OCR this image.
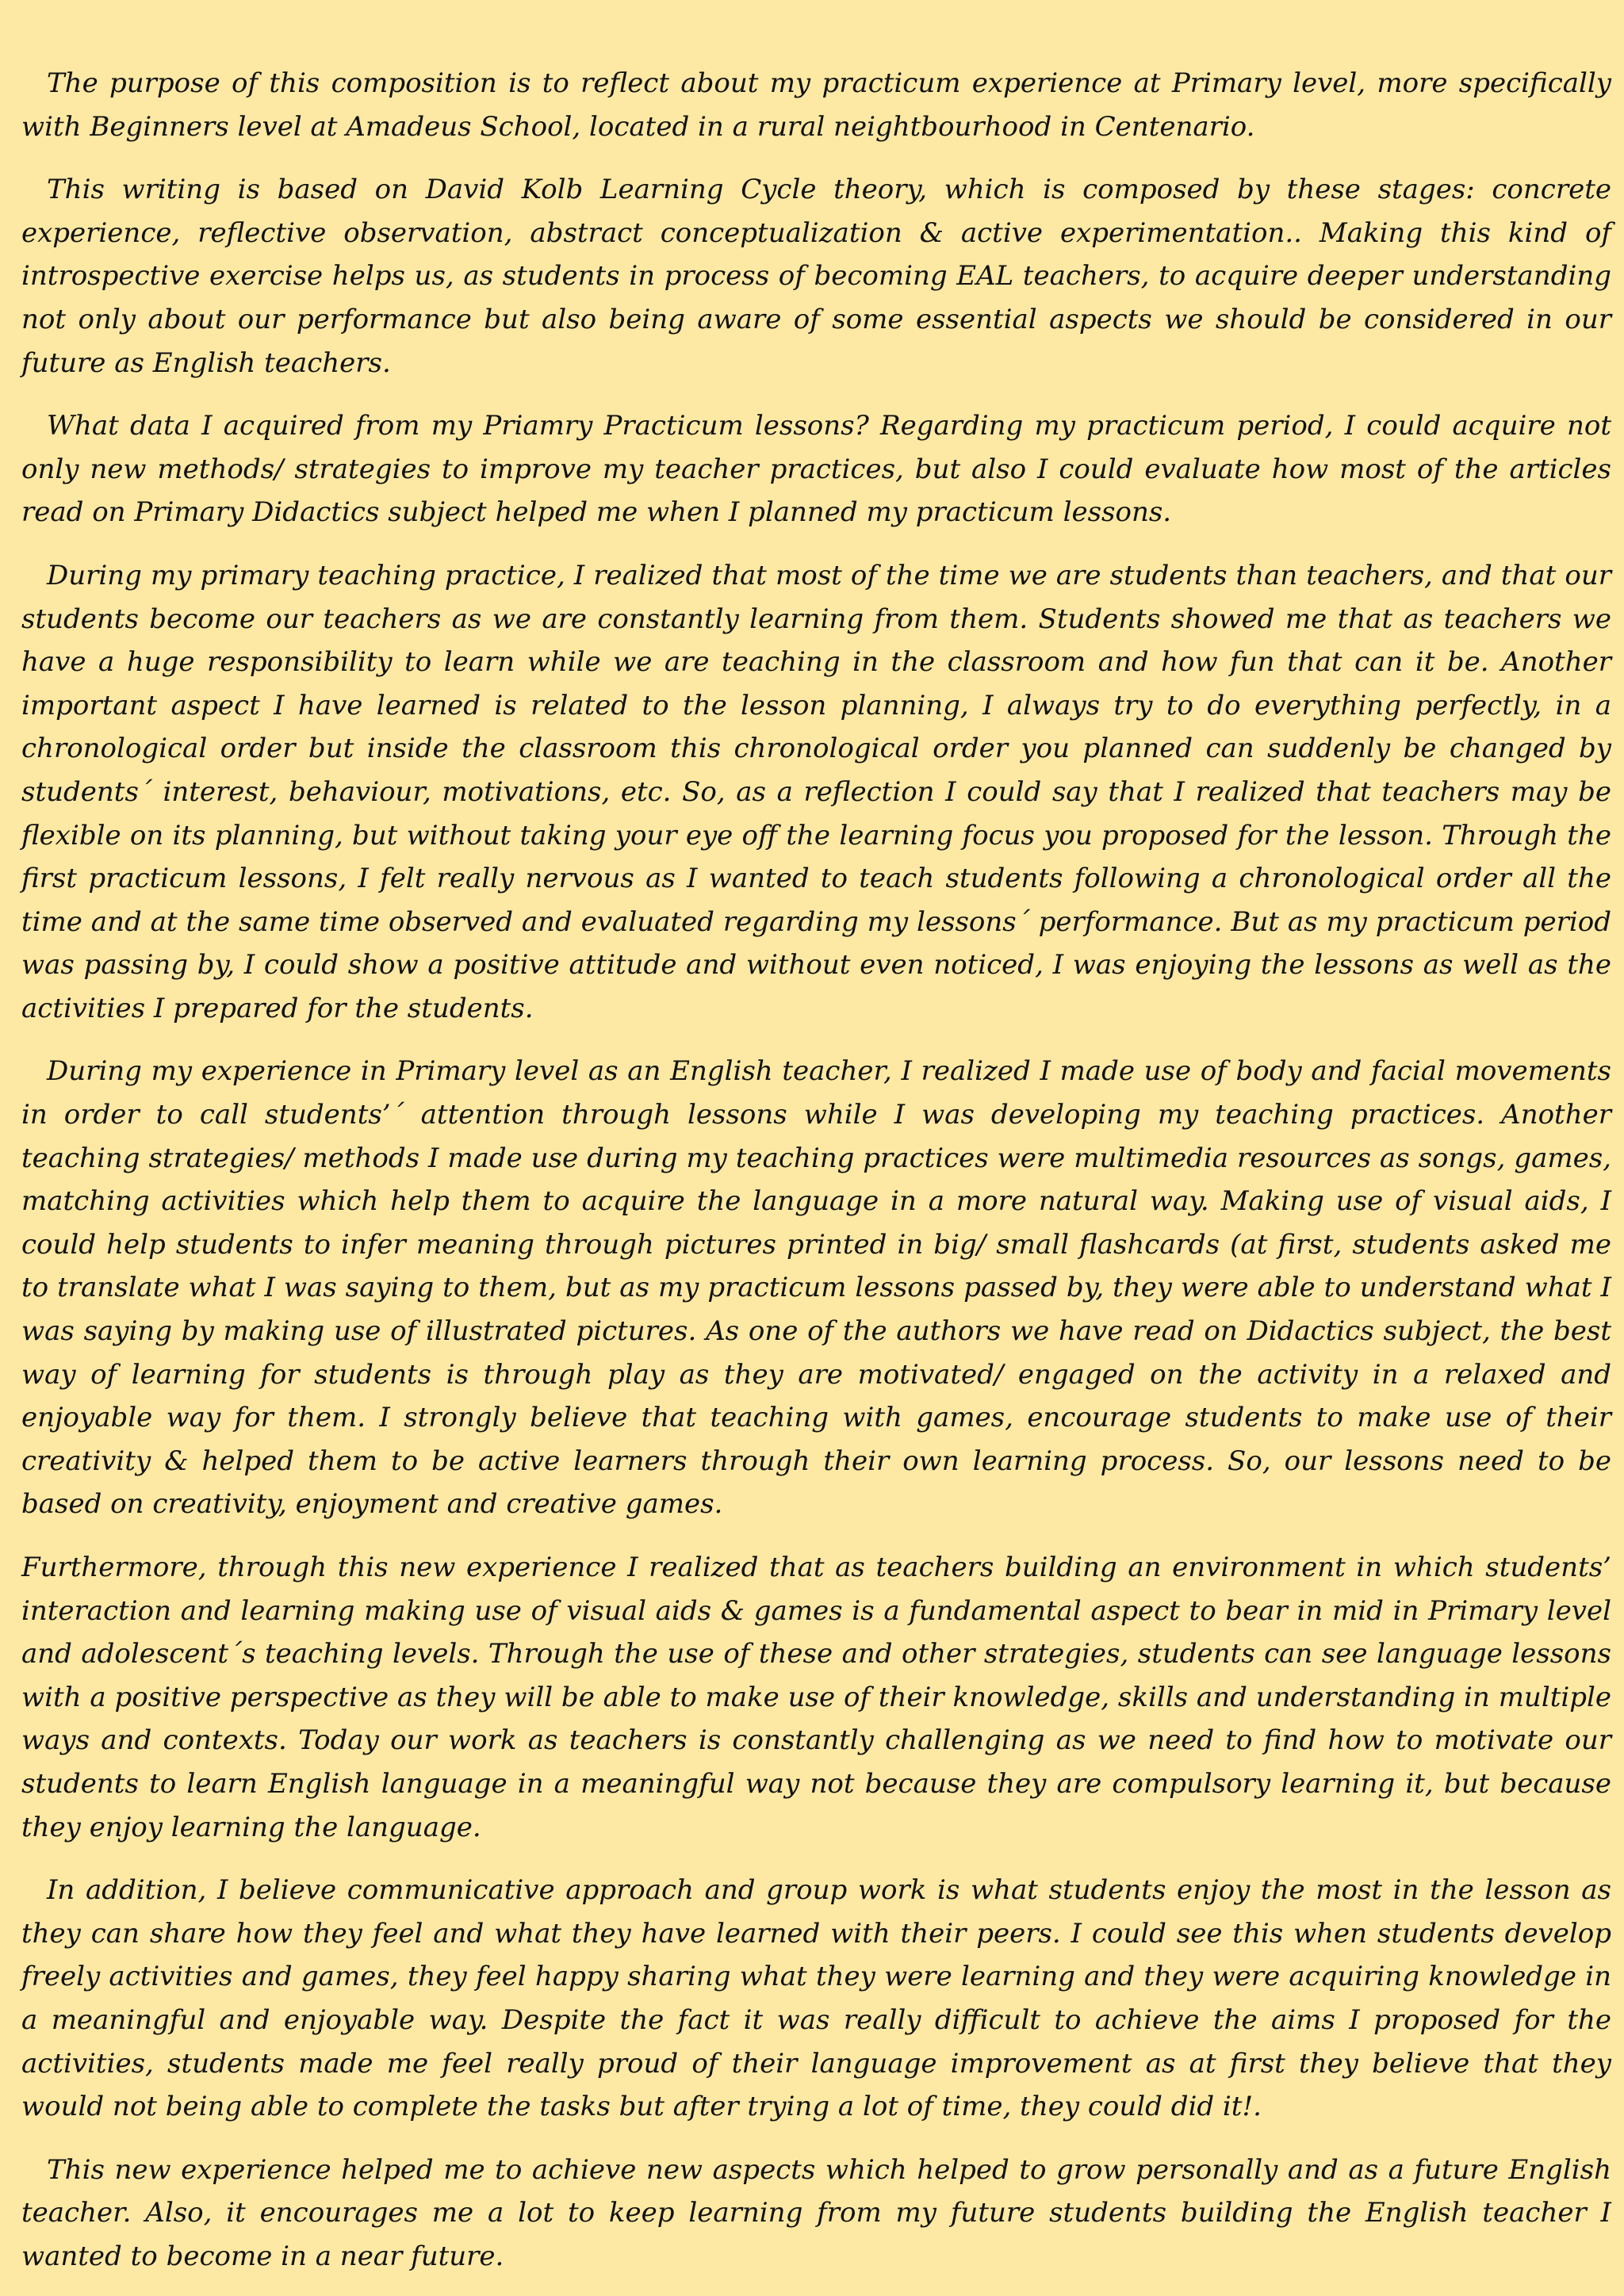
The purpose of this composition is to reflect about my practicum experience at Primary level, more specifically with Beginners level at Amadeus School, located in a rural neightbourhood in Centenario.

This writing is based on David Kolb Learning Cycle theory, which is composed by these stages: concrete experience, reflective observation, abstract conceptualization & active experimentation.. Making this kind of introspective exercise helps us, as students in process of becoming EAL teachers, to acquire deeper understanding not only about our performance but also being aware of some essential aspects we should be considered in our future as English teachers.

What data I acquired from my Priamry Practicum lessons? Regarding my practicum period, I could acquire not only new methods/ strategies to improve my teacher practices, but also I could evaluate how most of the articles read on Primary Didactics subject helped me when I planned my practicum lessons.

During my primary teaching practice, I realized that most of the time we are students than teachers, and that our students become our teachers as we are constantly learning from them. Students showed me that as teachers we have a huge responsibility to learn while we are teaching in the classroom and how fun that can it be. Another important aspect I have learned is related to the lesson planning, I always try to do everything perfectly, in a chronological order but inside the classroom this chronological order you planned can suddenly be changed by students´ interest, behaviour, motivations, etc. So, as a reflection I could say that I realized that teachers may be flexible on its planning, but without taking your eye off the learning focus you proposed for the lesson. Through the first practicum lessons, I felt really nervous as I wanted to teach students following a chronological order all the time and at the same time observed and evaluated regarding my lessons´ performance. But as my practicum period was passing by, I could show a positive attitude and without even noticed, I was enjoying the lessons as well as the activities I prepared for the students.

During my experience in Primary level as an English teacher, I realized I made use of body and facial movements in order to call students’´ attention through lessons while I was developing my teaching practices. Another teaching strategies/ methods I made use during my teaching practices were multimedia resources as songs, games, matching activities which help them to acquire the language in a more natural way. Making use of visual aids, I could help students to infer meaning through pictures printed in big/ small flashcards (at first, students asked me to translate what I was saying to them, but as my practicum lessons passed by, they were able to understand what I was saying by making use of illustrated pictures. As one of the authors we have read on Didactics subject, the best way of learning for students is through play as they are motivated/ engaged on the activity in a relaxed and enjoyable way for them. I strongly believe that teaching with games, encourage students to make use of their creativity & helped them to be active learners through their own learning process. So, our lessons need to be based on creativity, enjoyment and creative games.

Furthermore, through this new experience I realized that as teachers building an environment in which students’ interaction and learning making use of visual aids & games is a fundamental aspect to bear in mid in Primary level and adolescent´s teaching levels. Through the use of these and other strategies, students can see language lessons with a positive perspective as they will be able to make use of their knowledge, skills and understanding in multiple ways and contexts. Today our work as teachers is constantly challenging as we need to find how to motivate our students to learn English language in a meaningful way not because they are compulsory learning it, but because they enjoy learning the language.

In addition, I believe communicative approach and group work is what students enjoy the most in the lesson as they can share how they feel and what they have learned with their peers. I could see this when students develop freely activities and games, they feel happy sharing what they were learning and they were acquiring knowledge in a meaningful and enjoyable way. Despite the fact it was really difficult to achieve the aims I proposed for the activities, students made me feel really proud of their language improvement as at first they believe that they would not being able to complete the tasks but after trying a lot of time, they could did it!.

This new experience helped me to achieve new aspects which helped to grow personally and as a future English teacher. Also, it encourages me a lot to keep learning from my future students building the English teacher I wanted to become in a near future.
